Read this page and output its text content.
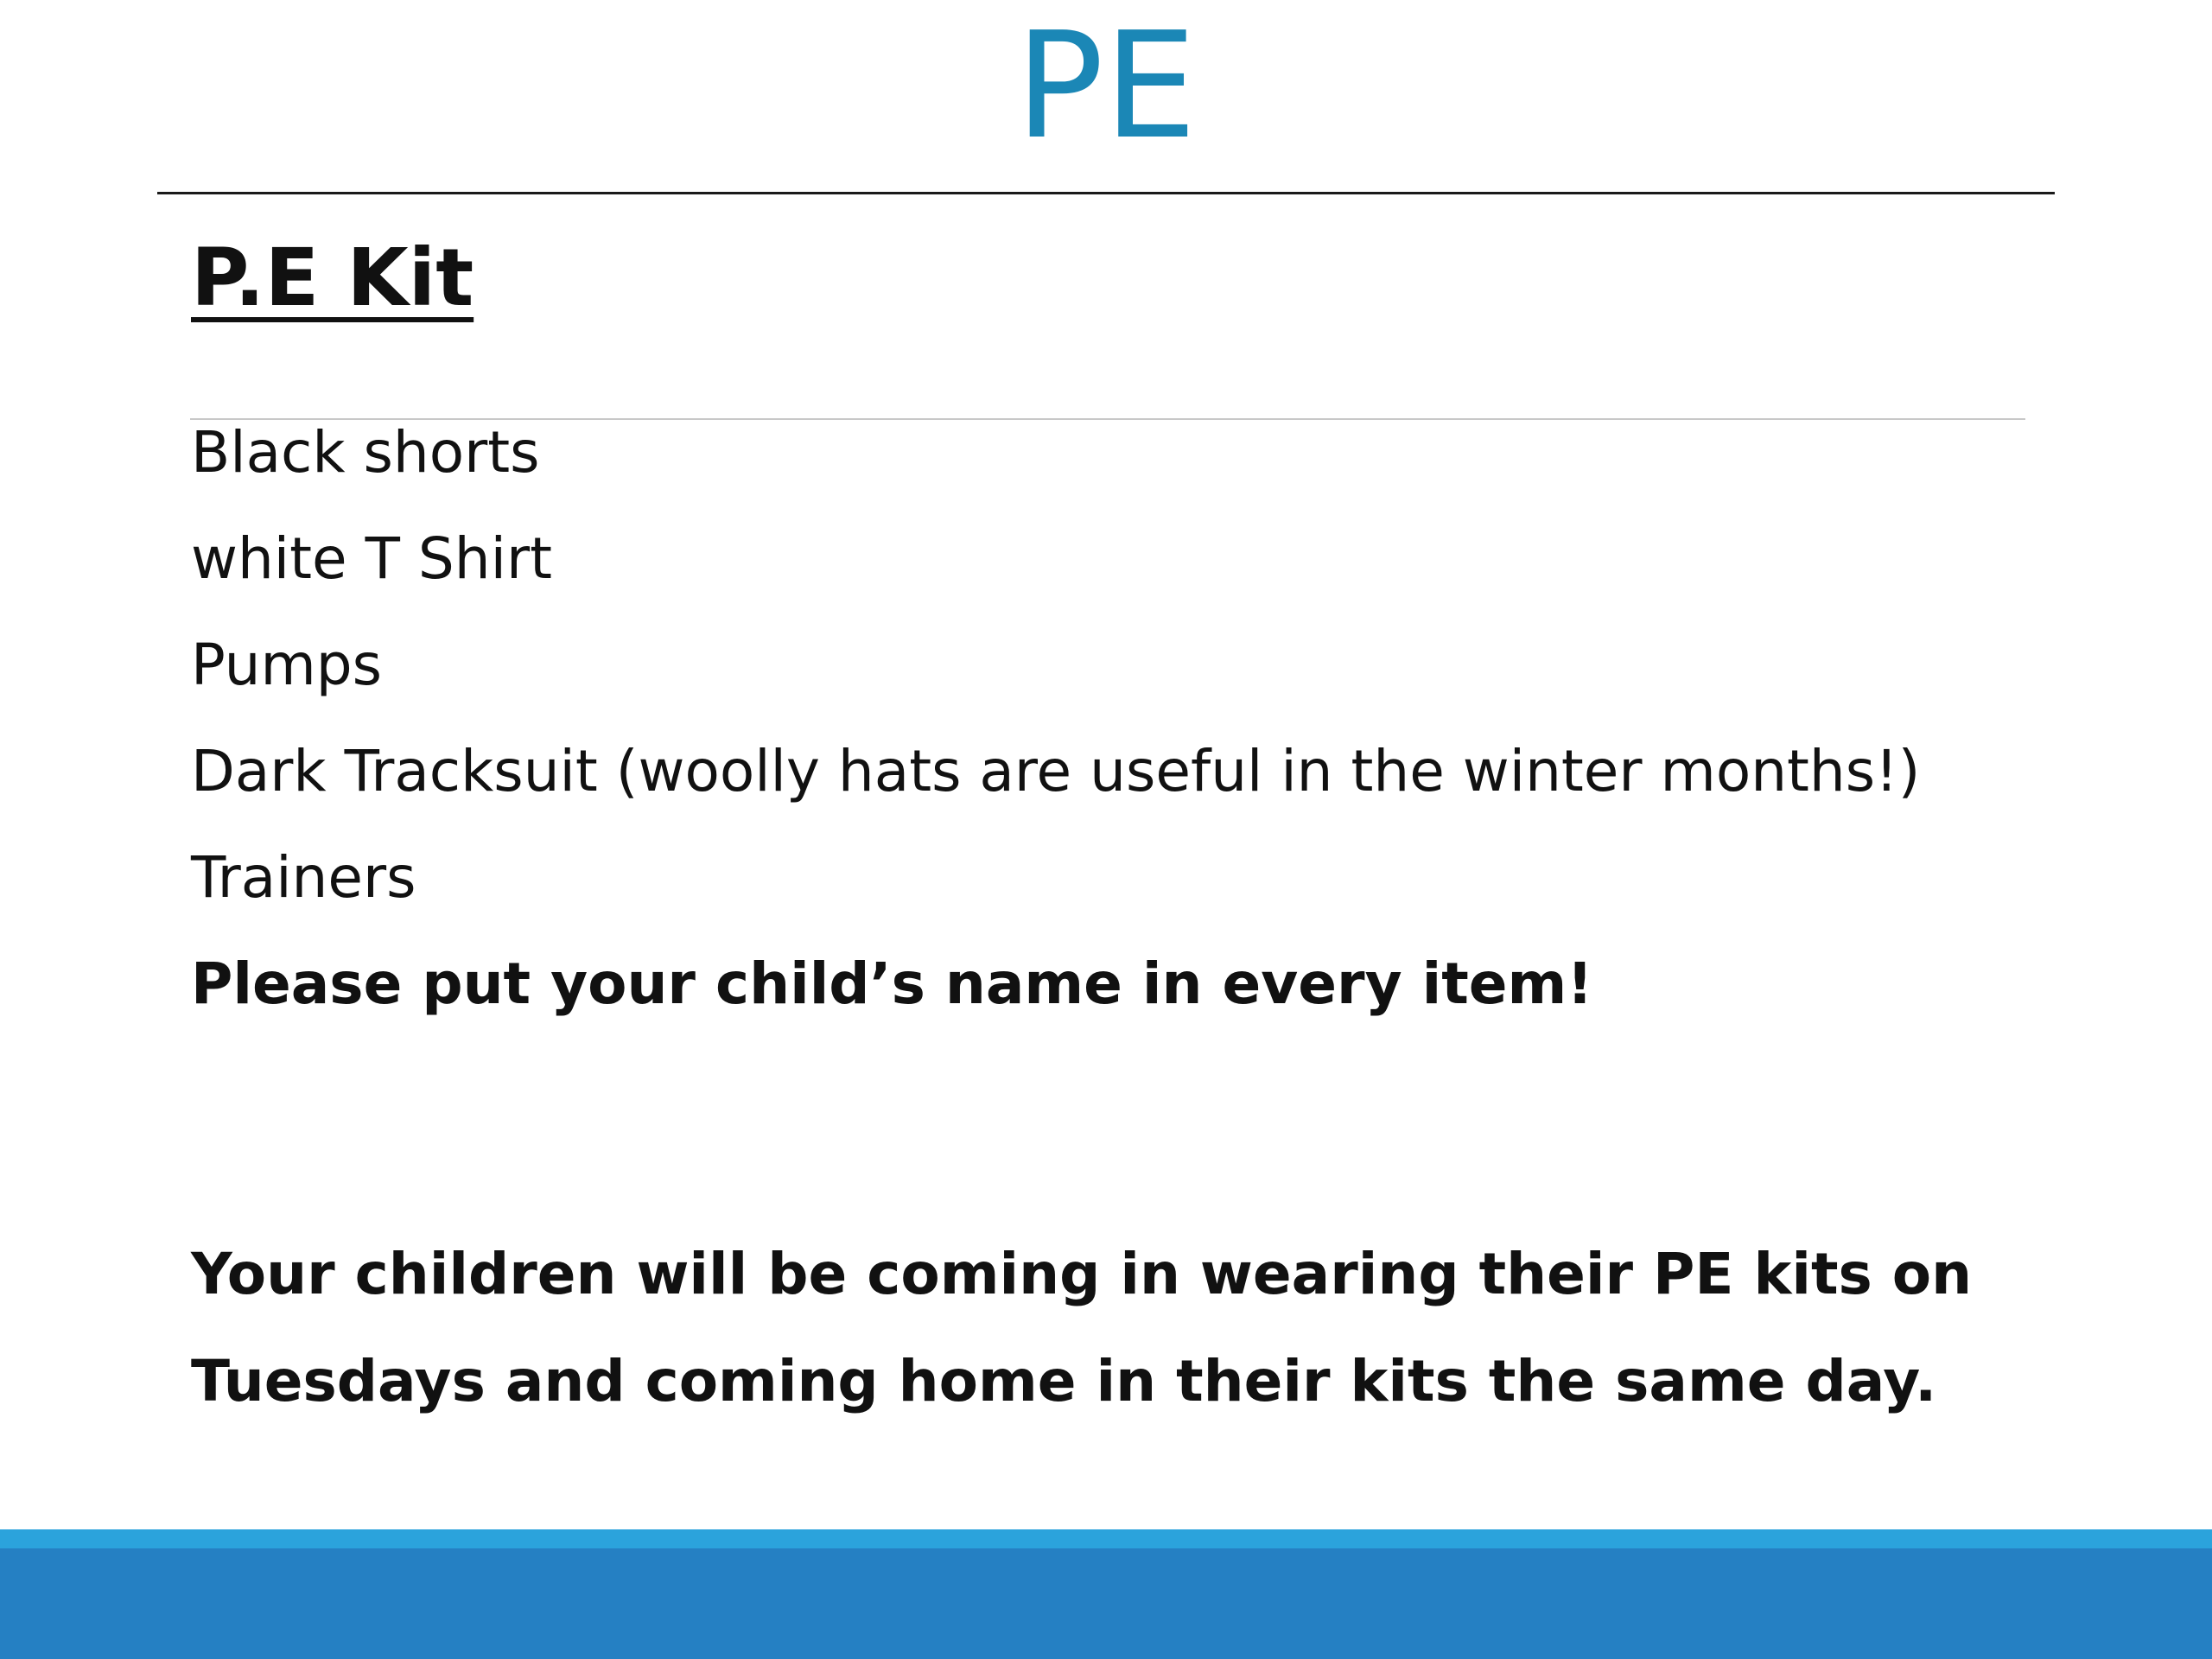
PE
P.E Kit
Black shorts
white T Shirt
Pumps
Dark Tracksuit (woolly hats are useful in the winter months!)
Trainers
Please put your child’s name in every item!

Your children will be coming in wearing their PE kits on
Tuesdays and coming home in their kits the same day.
